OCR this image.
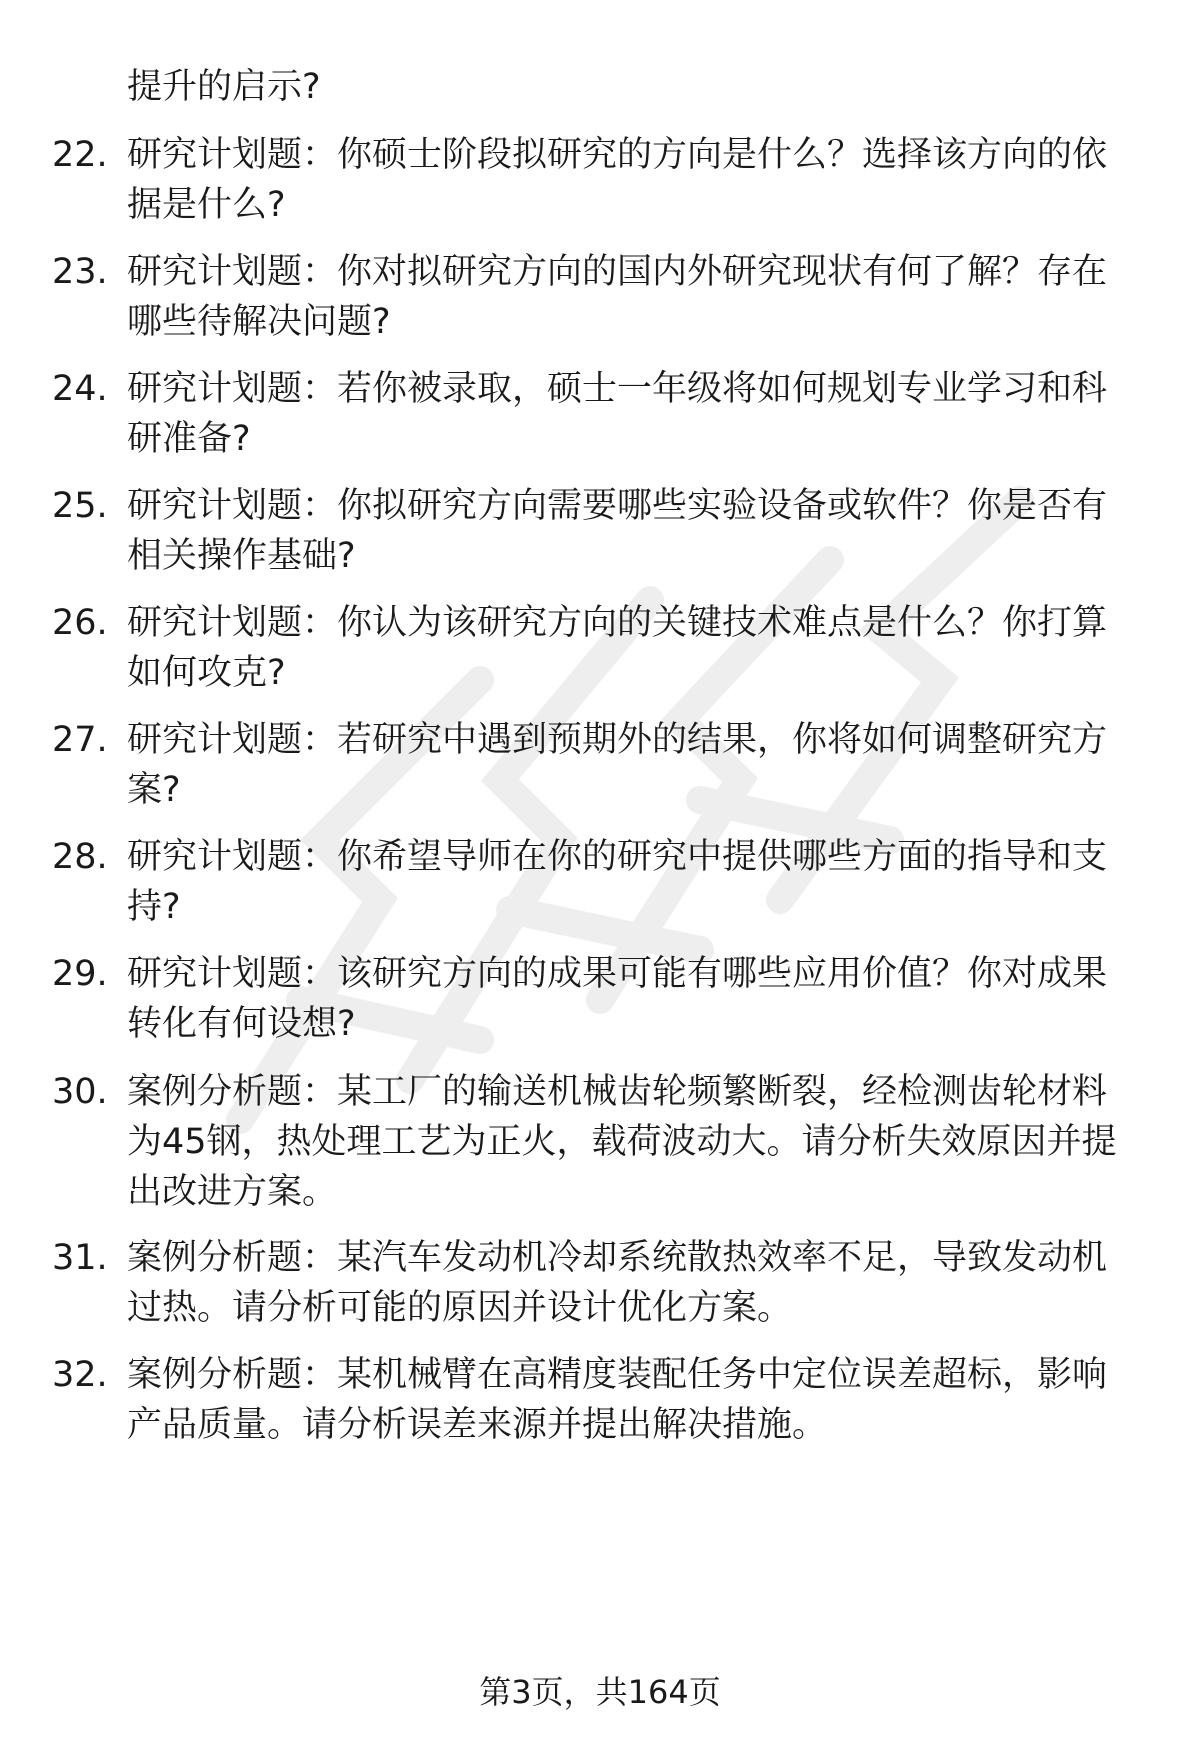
提升的启示?
22. 研究计划题：你硕士阶段拟研究的方向是什么？选择该方向的依
据是什么?
23. 研究计划题：你对拟研究方向的国内外研究现状有何了解？存在
哪些待解决问题?
24. 研究计划题：若你被录取，硕士一年级将如何规划专业学习和科
研准备?
25. 研究计划题：你拟研究方向需要哪些实验设备或软件？你是否有
相关操作基础?
26. 研究计划题：你认为该研究方向的关键技术难点是什么？你打算
如何攻克?
27. 研究计划题：若研究中遇到预期外的结果，你将如何调整研究方
案?
28. 研究计划题：你希望导师在你的研究中提供哪些方面的指导和支
持?
29. 研究计划题：该研究方向的成果可能有哪些应用价值？你对成果
转化有何设想?
30. 案例分析题：某工厂的输送机械齿轮频繁断裂，经检测齿轮材料
为45钢，热处理工艺为正火，载荷波动大。请分析失效原因并提
出改进方案。
31. 案例分析题：某汽车发动机冷却系统散热效率不足，导致发动机
过热。请分析可能的原因并设计优化方案。
32. 案例分析题：某机械臂在高精度装配任务中定位误差超标，影响
产品质量。请分析误差来源并提出解决措施。
第3页，共164页
